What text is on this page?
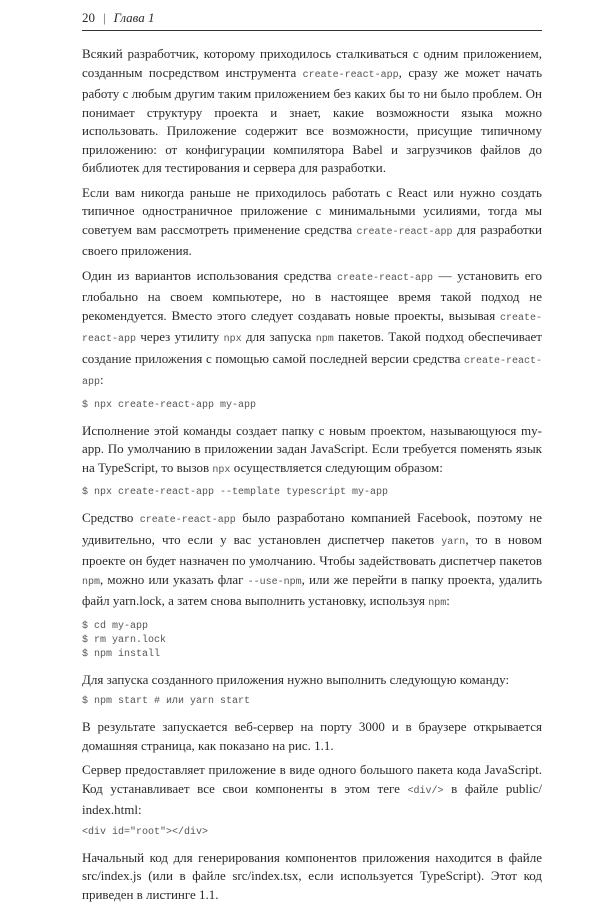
20 | Глава 1

Всякий разработчик, которому приходилось сталкиваться с одним приложением, созданным посредством инструмента create-react-app, сразу же может начать работу с любым другим таким приложением без каких бы то ни было проблем. Он понимает структуру проекта и знает, какие возможности языка можно использовать. Приложение содержит все возможности, присущие типичному приложению: от конфигурации компилятора Babel и загрузчиков файлов до библиотек для тестирования и сервера для разработки.

Если вам никогда раньше не приходилось работать с React или нужно создать типичное одностраничное приложение с минимальными усилиями, тогда мы советуем вам рассмотреть применение средства create-react-app для разработки своего приложения.

Один из вариантов использования средства create-react-app — установить его глобально на своем компьютере, но в настоящее время такой подход не рекомендуется. Вместо этого следует создавать новые проекты, вызывая create-react-app через утилиту npx для запуска npm пакетов. Такой подход обеспечивает создание приложения с помощью самой последней версии средства create-react-app:

$ npx create-react-app my-app

Исполнение этой команды создает папку с новым проектом, называющуюся my-app. По умолчанию в приложении задан JavaScript. Если требуется поменять язык на TypeScript, то вызов npx осуществляется следующим образом:

$ npx create-react-app --template typescript my-app

Средство create-react-app было разработано компанией Facebook, поэтому не удивительно, что если у вас установлен диспетчер пакетов yarn, то в новом проекте он будет назначен по умолчанию. Чтобы задействовать диспетчер пакетов npm, можно или указать флаг --use-npm, или же перейти в папку проекта, удалить файл yarn.lock, а затем снова выполнить установку, используя npm:

$ cd my-app
$ rm yarn.lock
$ npm install

Для запуска созданного приложения нужно выполнить следующую команду:

$ npm start # или yarn start

В результате запускается веб-сервер на порту 3000 и в браузере открывается домашняя страница, как показано на рис. 1.1.

Сервер предоставляет приложение в виде одного большого пакета кода JavaScript. Код устанавливает все свои компоненты в этом теге <div/> в файле public/ index.html:

<div id="root"></div>

Начальный код для генерирования компонентов приложения находится в файле src/index.js (или в файле src/index.tsx, если используется TypeScript). Этот код приведен в листинге 1.1.
